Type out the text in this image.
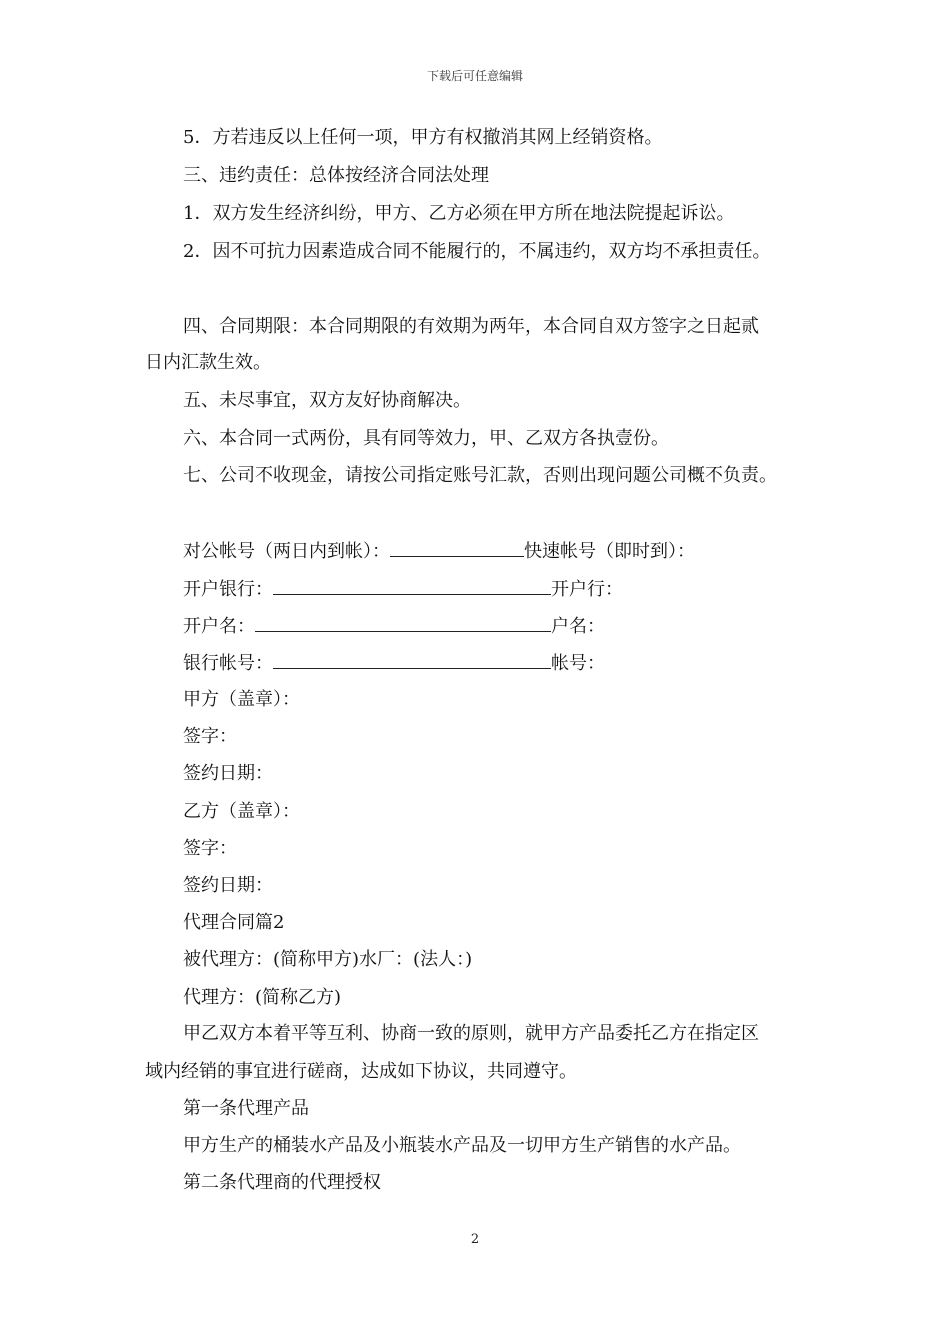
下载后可任意编辑
5．方若违反以上任何一项，甲方有权撤消其网上经销资格。
三、违约责任：总体按经济合同法处理
1．双方发生经济纠纷，甲方、乙方必须在甲方所在地法院提起诉讼。
2．因不可抗力因素造成合同不能履行的，不属违约，双方均不承担责任。
四、合同期限：本合同期限的有效期为两年，本合同自双方签字之日起贰
日内汇款生效。
五、未尽事宜，双方友好协商解决。
六、本合同一式两份，具有同等效力，甲、乙双方各执壹份。
七、公司不收现金，请按公司指定账号汇款，否则出现问题公司概不负责。
对公帐号（两日内到帐）：	快速帐号（即时到）：
开户银行：	开户行：
开户名：	户名：
银行帐号：	帐号：
甲方（盖章）：
签字：
签约日期：
乙方（盖章）：
签字：
签约日期：
代理合同篇2
被代理方：(简称甲方)水厂：(法人：)
代理方：(简称乙方)
甲乙双方本着平等互利、协商一致的原则，就甲方产品委托乙方在指定区
域内经销的事宜进行磋商，达成如下协议，共同遵守。
第一条代理产品
甲方生产的桶装水产品及小瓶装水产品及一切甲方生产销售的水产品。
第二条代理商的代理授权
2
